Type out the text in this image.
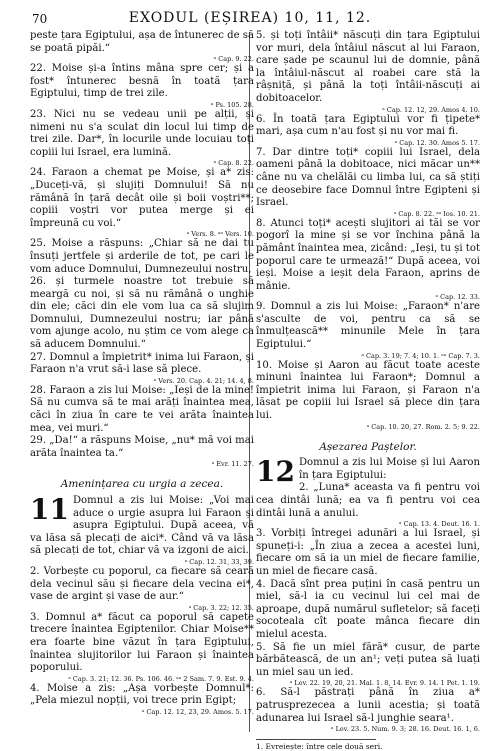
70	EXODUL (EȘIREA) 10, 11, 12.
peste țara Egiptului, așa de întunerec de să se poată pipăi.“
ᵃ Cap. 9. 22.
22. Moise și-a întins mâna spre cer; și a fost* întunerec besnă în toată țara Egiptului, timp de trei zile.
ᵃ Ps. 105. 28.
23. Nici nu se vedeau unii pe alții, și nimeni nu s'a sculat din locul lui timp de trei zile. Dar*, în locurile unde locuiau toți copiii lui Israel, era lumină.
ᵃ Cap. 8. 22.
24. Faraon a chemat pe Moise, și a* zis: „Duceți-vă, și slujiți Domnului! Să nu rămână în țară decât oile și boii voștri**; copiii voștri vor putea merge și ei împreună cu voi.“
ᵃ Vers. 8. ᵃᵃ Vers. 10.
25. Moise a răspuns: „Chiar să ne dai tu însuți jertfele și arderile de tot, pe cari le vom aduce Domnului, Dumnezeului nostru,
26. și turmele noastre tot trebuie să meargă cu noi, și să nu rămână o unghie din ele; căci din ele vom lua ca să slujim Domnului, Dumnezeului nostru; iar până vom ajunge acolo, nu știm ce vom alege ca să aducem Domnului.“
27. Domnul a împietrit* inima lui Faraon, și Faraon n'a vrut să-i lase să plece.
ᵃ Vers. 20. Cap. 4. 21; 14. 4, 8.
28. Faraon a zis lui Moise: „Ieși de la mine! Să nu cumva să te mai arăți înaintea mea, căci în ziua în care te vei arăta înaintea mea, vei muri.“
29. „Da!“ a răspuns Moise, „nu* mă voi mai arăta înaintea ta.“
ᵃ Evr. 11. 27.
Amenințarea cu urgia a zecea.
11 Domnul a zis lui Moise: „Voi mai aduce o urgie asupra lui Faraon și asupra Egiptului. După aceea, vă va lăsa să plecați de aici*. Când vă va lăsa să plecați de tot, chiar vă va izgoni de aici.
ᵃ Cap. 12. 31, 33, 39.
2. Vorbește cu poporul, ca fiecare să ceară dela vecinul său și fiecare dela vecina ei*, vase de argint și vase de aur.“
ᵃ Cap. 3. 22; 12. 35.
3. Domnul a* făcut ca poporul să capete trecere înaintea Egiptenilor. Chiar Moise** era foarte bine văzut în țara Egiptului, înaintea slujitorilor lui Faraon și înaintea poporului.
ᵃ Cap. 3. 21; 12. 36. Ps. 106. 46. ᵃᵃ 2 Sam. 7. 9. Est. 9. 4.
4. Moise a zis: „Așa vorbește Domnul*: „Pela miezul nopții, voi trece prin Egipt;
ᵃ Cap. 12. 12, 23, 29. Amos. 5. 17.
5. și toți întâii* născuți din țara Egiptului vor muri, dela întâiul născut al lui Faraon, care șade pe scaunul lui de domnie, până la întâiul-născut al roabei care stă la râșniță, și până la toți întâii-născuți ai dobitoacelor.
ᵃ Cap. 12. 12, 29. Amos 4. 10.
6. În toată țara Egiptului vor fi țipete* mari, așa cum n'au fost și nu vor mai fi.
ᵃ Cap. 12. 30. Amos 5. 17.
7. Dar dintre toți* copiii lui Israel, dela oameni până la dobitoace, nici măcar un** câne nu va chelălăi cu limba lui, ca să știți ce deosebire face Domnul între Egipteni și Israel.
ᵃ Cap. 8. 22. ᵃᵃ Ios. 10. 21.
8. Atunci toți* acești slujitori ai tăi se vor pogorî la mine și se vor închina până la pământ înaintea mea, zicând: „Ieși, tu și tot poporul care te urmează!“ După aceea, voi ieși. Moise a ieșit dela Faraon, aprins de mânie.
ᵃ Cap. 12. 33.
9. Domnul a zis lui Moise: „Faraon* n'are s'asculte de voi, pentru ca să se înmulțească** minunile Mele în țara Egiptului.“
ᵃ Cap. 3. 19; 7. 4; 10. 1. ᵃᵃ Cap. 7. 3.
10. Moise și Aaron au făcut toate aceste minuni înaintea lui Faraon*; Domnul a împietrit inima lui Faraon, și Faraon n'a lăsat pe copiii lui Israel să plece din țara lui.
ᵃ Cap. 10. 20, 27. Rom. 2. 5; 9. 22.
Așezarea Paștelor.
12 Domnul a zis lui Moise și lui Aaron în țara Egiptului:
2. „Luna* aceasta va fi pentru voi cea dintâi lună; ea va fi pentru voi cea dintâi lună a anului.
ᵃ Cap. 13. 4. Deut. 16. 1.
3. Vorbiți întregei adunări a lui Israel, și spuneți-i: „În ziua a zecea a acestei luni, fiecare om să ia un miel de fiecare familie, un miel de fiecare casă.
4. Dacă sînt prea puțini în casă pentru un miel, să-l ia cu vecinul lui cel mai de aproape, după numărul sufletelor; să faceți socoteala cît poate mânca fiecare din mielul acesta.
5. Să fie un miel fără* cusur, de parte bărbătească, de un an¹; veți putea să luați un miel sau un ied.
ᵃ Lev. 22. 19, 20, 21. Mal. 1. 8, 14. Evr. 9. 14. 1 Pet. 1. 19.
6. Să-l păstrați până în ziua a* patrusprezecea a lunii acestia; și toată adunarea lui Israel să-l junghie seara¹.
ᵃ Lev. 23. 5. Num. 9. 3; 28. 16. Deut. 16. 1, 6.

1. Evreiește: între cele două seri.
